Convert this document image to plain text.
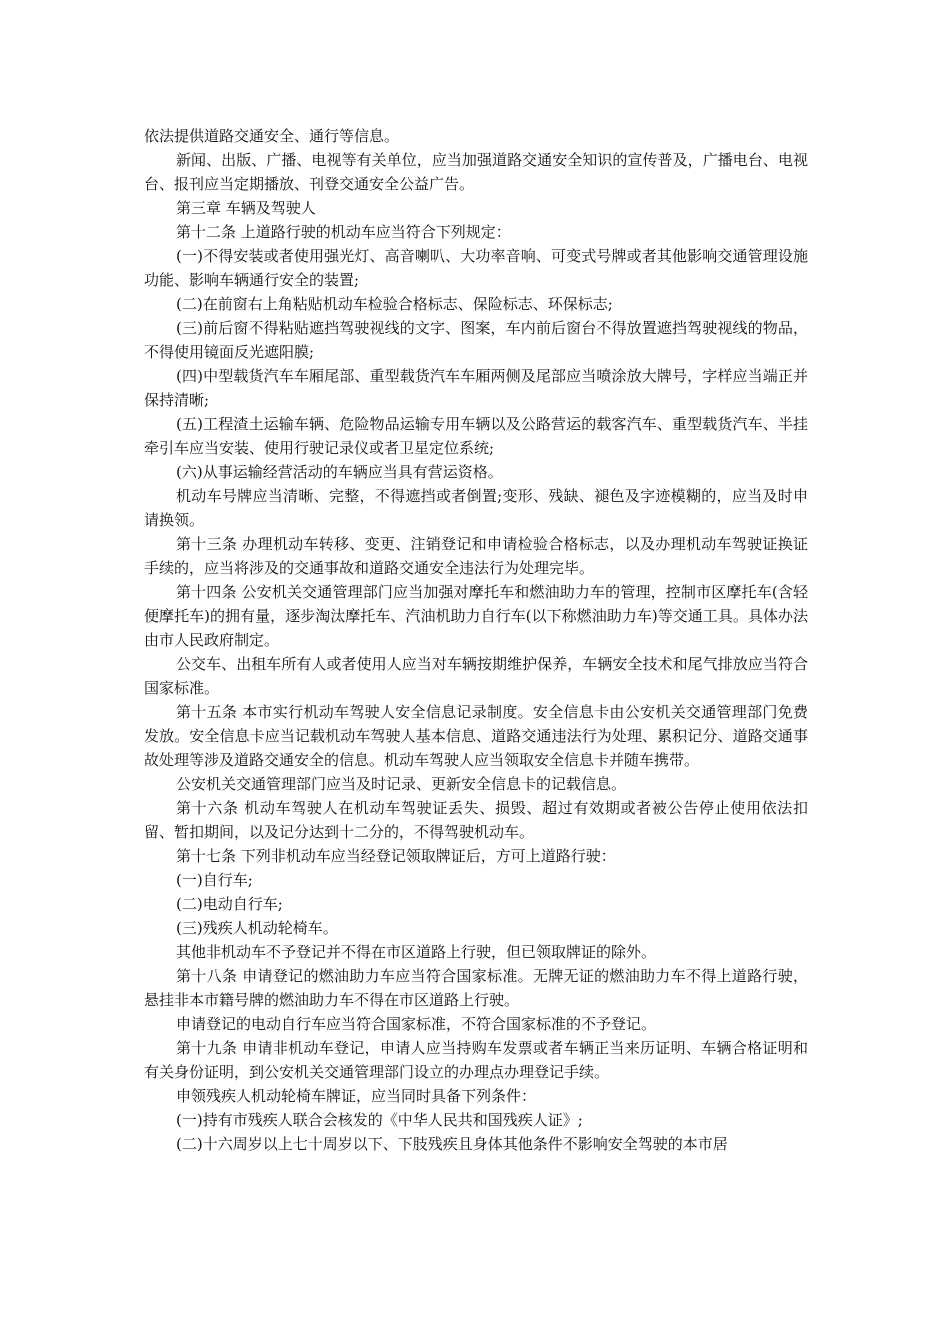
依法提供道路交通安全、通行等信息。

新闻、出版、广播、电视等有关单位，应当加强道路交通安全知识的宣传普及，广播电台、电视台、报刊应当定期播放、刊登交通安全公益广告。

第三章 车辆及驾驶人

第十二条 上道路行驶的机动车应当符合下列规定：

(一)不得安装或者使用强光灯、高音喇叭、大功率音响、可变式号牌或者其他影响交通管理设施功能、影响车辆通行安全的装置;

(二)在前窗右上角粘贴机动车检验合格标志、保险标志、环保标志;

(三)前后窗不得粘贴遮挡驾驶视线的文字、图案，车内前后窗台不得放置遮挡驾驶视线的物品，不得使用镜面反光遮阳膜;

(四)中型载货汽车车厢尾部、重型载货汽车车厢两侧及尾部应当喷涂放大牌号，字样应当端正并保持清晰;

(五)工程渣土运输车辆、危险物品运输专用车辆以及公路营运的载客汽车、重型载货汽车、半挂牵引车应当安装、使用行驶记录仪或者卫星定位系统;

(六)从事运输经营活动的车辆应当具有营运资格。

机动车号牌应当清晰、完整，不得遮挡或者倒置;变形、残缺、褪色及字迹模糊的，应当及时申请换领。

第十三条 办理机动车转移、变更、注销登记和申请检验合格标志，以及办理机动车驾驶证换证手续的，应当将涉及的交通事故和道路交通安全违法行为处理完毕。

第十四条 公安机关交通管理部门应当加强对摩托车和燃油助力车的管理，控制市区摩托车(含轻便摩托车)的拥有量，逐步淘汰摩托车、汽油机助力自行车(以下称燃油助力车)等交通工具。具体办法由市人民政府制定。

公交车、出租车所有人或者使用人应当对车辆按期维护保养，车辆安全技术和尾气排放应当符合国家标准。

第十五条 本市实行机动车驾驶人安全信息记录制度。安全信息卡由公安机关交通管理部门免费发放。安全信息卡应当记载机动车驾驶人基本信息、道路交通违法行为处理、累积记分、道路交通事故处理等涉及道路交通安全的信息。机动车驾驶人应当领取安全信息卡并随车携带。

公安机关交通管理部门应当及时记录、更新安全信息卡的记载信息。

第十六条 机动车驾驶人在机动车驾驶证丢失、损毁、超过有效期或者被公告停止使用依法扣留、暂扣期间，以及记分达到十二分的，不得驾驶机动车。

第十七条 下列非机动车应当经登记领取牌证后，方可上道路行驶：

(一)自行车;

(二)电动自行车;

(三)残疾人机动轮椅车。

其他非机动车不予登记并不得在市区道路上行驶，但已领取牌证的除外。

第十八条 申请登记的燃油助力车应当符合国家标准。无牌无证的燃油助力车不得上道路行驶，悬挂非本市籍号牌的燃油助力车不得在市区道路上行驶。

申请登记的电动自行车应当符合国家标准，不符合国家标准的不予登记。

第十九条 申请非机动车登记，申请人应当持购车发票或者车辆正当来历证明、车辆合格证明和有关身份证明，到公安机关交通管理部门设立的办理点办理登记手续。

申领残疾人机动轮椅车牌证，应当同时具备下列条件：

(一)持有市残疾人联合会核发的《中华人民共和国残疾人证》;

(二)十六周岁以上七十周岁以下、下肢残疾且身体其他条件不影响安全驾驶的本市居
